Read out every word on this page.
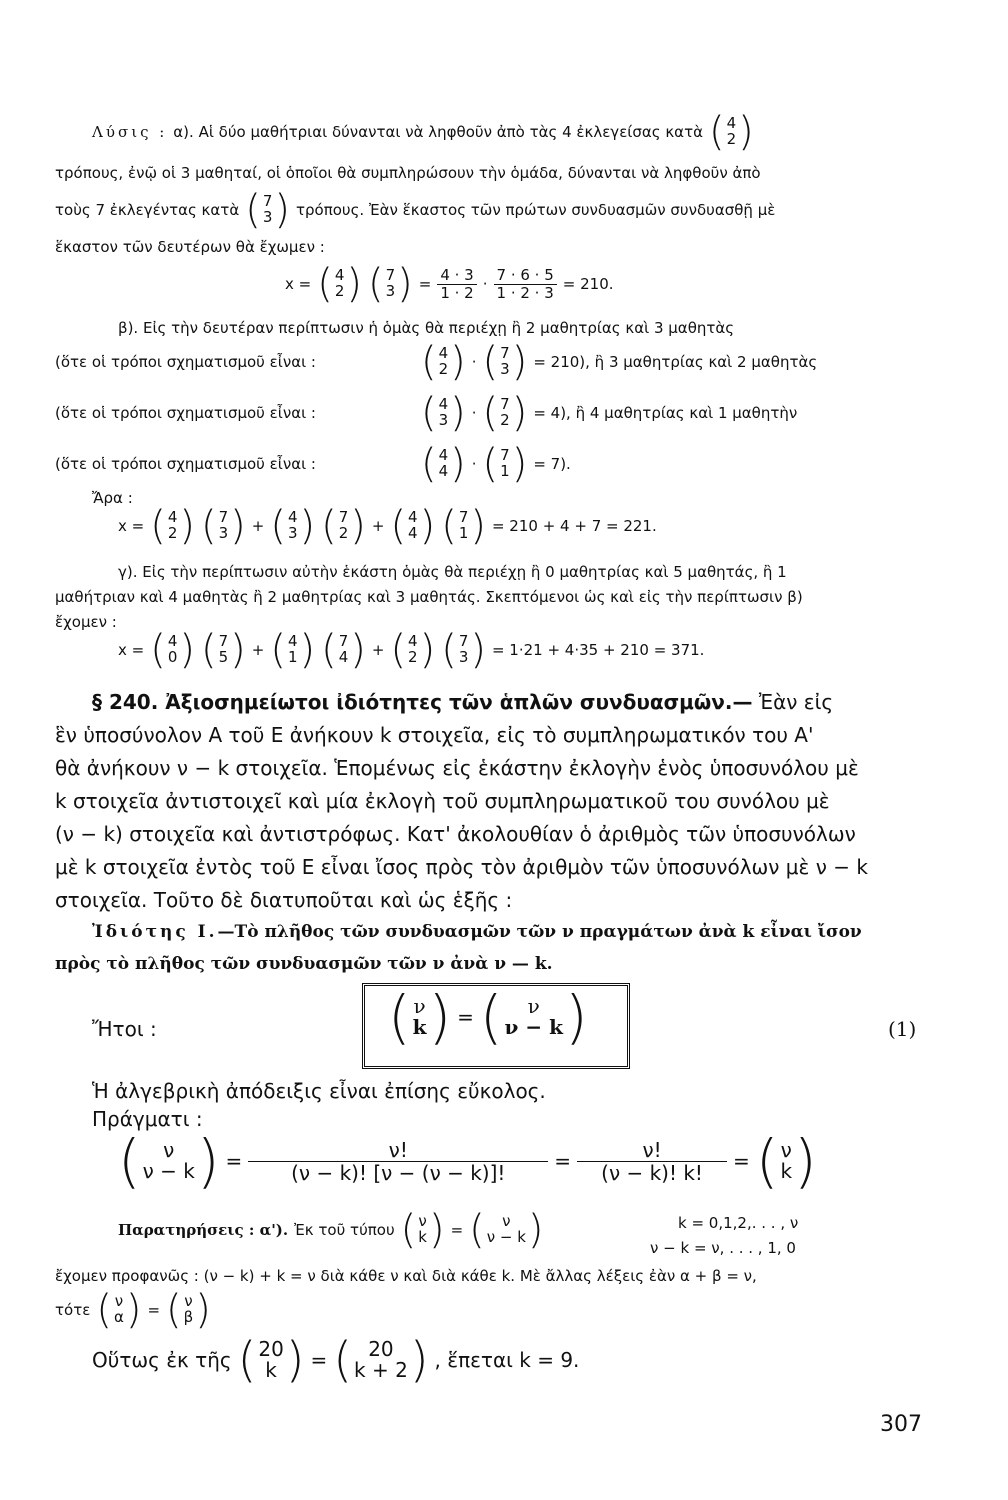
Λύσις : α). Αἱ δύο μαθήτριαι δύνανται νὰ ληφθοῦν ἀπὸ τὰς 4 ἐκλεγείσας κατὰ ( 4
2 )
τρόπους, ἐνῷ οἱ 3 μαθηταί, οἱ ὁποῖοι θὰ συμπληρώσουν τὴν ὁμάδα, δύνανται νὰ ληφθοῦν ἀπὸ
τοὺς 7 ἐκλεγέντας κατὰ ( 7
3 ) τρόπους. Ἐὰν ἕκαστος τῶν πρώτων συνδυασμῶν συνδυασθῇ μὲ
ἕκαστον τῶν δευτέρων θὰ ἔχωμεν :
x = ( 4
2 ) ( 7
3 ) = $\frac{4 \cdot 3}{1 \cdot 2} \cdot \frac{7 \cdot 6 \cdot 5}{1 \cdot 2 \cdot 3} = 210$.
β). Εἰς τὴν δευτέραν περίπτωσιν ἡ ὁμὰς θὰ περιέχῃ ἢ 2 μαθητρίας καὶ 3 μαθητὰς
(ὅτε οἱ τρόποι σχηματισμοῦ εἶναι :	( 4
2 ) · ( 7
3 ) = 210), ἢ 3 μαθητρίας καὶ 2 μαθητὰς
(ὅτε οἱ τρόποι σχηματισμοῦ εἶναι :	( 4
3 ) · ( 7
2 ) = 4), ἢ 4 μαθητρίας καὶ 1 μαθητὴν
(ὅτε οἱ τρόποι σχηματισμοῦ εἶναι :	( 4
4 ) · ( 7
1 ) = 7).
Ἄρα :
x = ( 4
2 ) ( 7
3 ) + ( 4
3 ) ( 7
2 ) + ( 4
4 ) ( 7
1 ) = 210 + 4 + 7 = 221.
γ). Εἰς τὴν περίπτωσιν αὐτὴν ἑκάστη ὁμὰς θὰ περιέχῃ ἢ 0 μαθητρίας καὶ 5 μαθητάς, ἢ 1
μαθήτριαν καὶ 4 μαθητὰς ἢ 2 μαθητρίας καὶ 3 μαθητάς. Σκεπτόμενοι ὡς καὶ εἰς τὴν περίπτωσιν β)
ἔχομεν :
x = ( 4
0 ) ( 7
5 ) + ( 4
1 ) ( 7
4 ) + ( 4
2 ) ( 7
3 ) = 1·21 + 4·35 + 210 = 371.
§ 240. Ἀξιοσημείωτοι ἰδιότητες τῶν ἁπλῶν συνδυασμῶν.— Ἐὰν εἰς
ἓν ὑποσύνολον Α τοῦ Ε ἀνήκουν k στοιχεῖα, εἰς τὸ συμπληρωματικόν του Α'
θὰ ἀνήκουν ν − k στοιχεῖα. Ἑπομένως εἰς ἑκάστην ἐκλογὴν ἑνὸς ὑποσυνόλου μὲ
k στοιχεῖα ἀντιστοιχεῖ καὶ μία ἐκλογὴ τοῦ συμπληρωματικοῦ του συνόλου μὲ
(ν − k) στοιχεῖα καὶ ἀντιστρόφως. Κατ' ἀκολουθίαν ὁ ἀριθμὸς τῶν ὑποσυνόλων
μὲ k στοιχεῖα ἐντὸς τοῦ Ε εἶναι ἴσος πρὸς τὸν ἀριθμὸν τῶν ὑποσυνόλων μὲ ν − k
στοιχεῖα. Τοῦτο δὲ διατυποῦται καὶ ὡς ἑξῆς :
Ἰδιότης Ι.—Τὸ πλῆθος τῶν συνδυασμῶν τῶν ν πραγμάτων ἀνὰ k εἶναι ἴσον
πρὸς τὸ πλῆθος τῶν συνδυασμῶν τῶν ν ἀνὰ ν — k.
Ἤτοι :	( ν
k ) = ( ν
ν − k )	(1)
Ἡ ἀλγεβρικὴ ἀπόδειξις εἶναι ἐπίσης εὔκολος.
Πράγματι :
( ν
ν − k ) = $\frac{\nu!}{(\nu - k)! [\nu - (\nu - k)]!} = \frac{\nu!}{(\nu - k)! k!}$ = ( ν
k )
Παρατηρήσεις : α'). Ἐκ τοῦ τύπου ( ν
k ) = ( ν
ν − k )	k = 0,1,2,. . . , ν
ν − k = ν, . . . , 1, 0
ἔχομεν προφανῶς : (ν − k) + k = ν διὰ κάθε ν καὶ διὰ κάθε k. Μὲ ἄλλας λέξεις ἐὰν α + β = ν,
τότε ( ν
α ) = ( ν
β )
Οὕτως ἐκ τῆς ( 20
k ) = ( 20
k + 2 ) , ἕπεται k = 9.
307
